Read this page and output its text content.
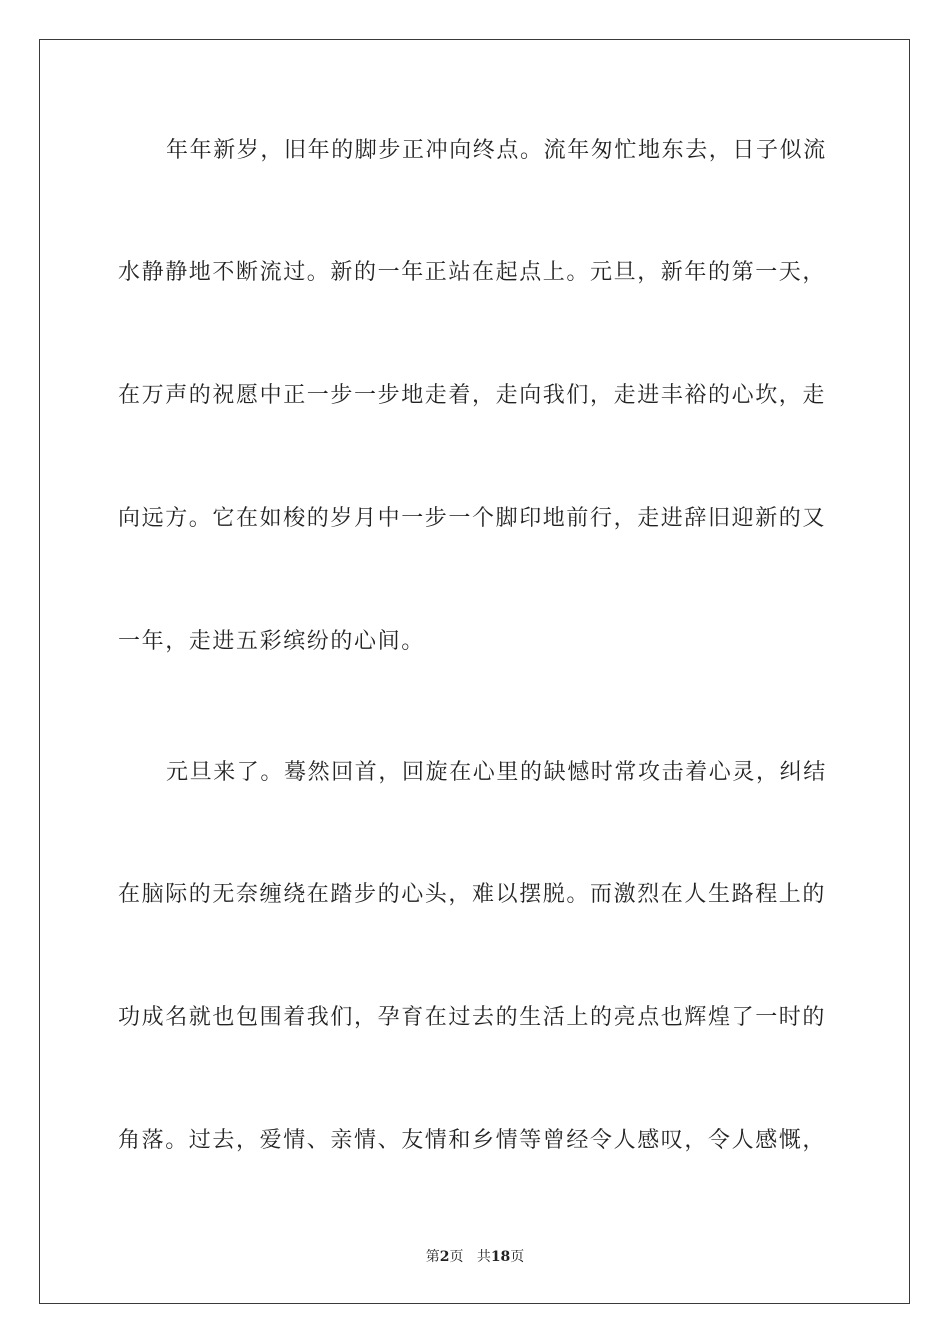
年年新岁，旧年的脚步正冲向终点。流年匆忙地东去，日子似流
水静静地不断流过。新的一年正站在起点上。元旦，新年的第一天，
在万声的祝愿中正一步一步地走着，走向我们，走进丰裕的心坎，走
向远方。它在如梭的岁月中一步一个脚印地前行，走进辞旧迎新的又
一年，走进五彩缤纷的心间。
元旦来了。蓦然回首，回旋在心里的缺憾时常攻击着心灵，纠结
在脑际的无奈缠绕在踏步的心头，难以摆脱。而激烈在人生路程上的
功成名就也包围着我们，孕育在过去的生活上的亮点也辉煌了一时的
角落。过去，爱情、亲情、友情和乡情等曾经令人感叹，令人感慨，
第2页 共18页
